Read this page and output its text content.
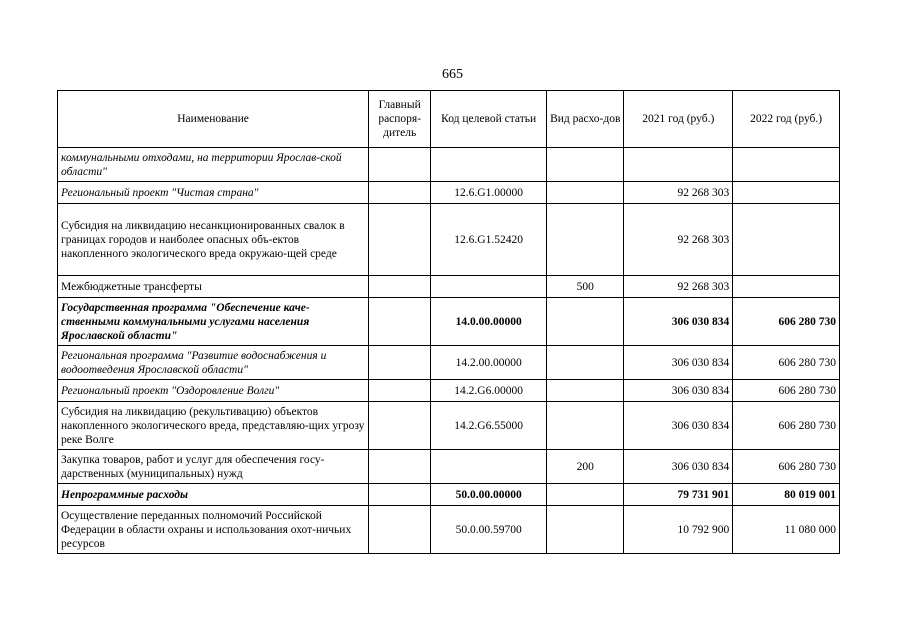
665
Наименование	Главный распоря-дитель	Код целевой статьи	Вид расхо-дов	2021 год (руб.)	2022 год (руб.)
коммунальными отходами, на территории Ярослав-ской области"					
Региональный проект "Чистая страна"		12.6.G1.00000		92 268 303	
Субсидия на ликвидацию несанкционированных свалок в границах городов и наиболее опасных объ-ектов накопленного экологического вреда окружаю-щей среде		12.6.G1.52420		92 268 303	
Межбюджетные трансферты			500	92 268 303	
Государственная программа "Обеспечение каче-ственными коммунальными услугами населения Ярославской области"		14.0.00.00000		306 030 834	606 280 730
Региональная программа "Развитие водоснабжения и водоотведения Ярославской области"		14.2.00.00000		306 030 834	606 280 730
Региональный проект "Оздоровление Волги"		14.2.G6.00000		306 030 834	606 280 730
Субсидия на ликвидацию (рекультивацию) объектов накопленного экологического вреда, представляю-щих угрозу реке Волге		14.2.G6.55000		306 030 834	606 280 730
Закупка товаров, работ и услуг для обеспечения госу-дарственных (муниципальных) нужд			200	306 030 834	606 280 730
Непрограммные расходы		50.0.00.00000		79 731 901	80 019 001
Осуществление переданных полномочий Российской Федерации в области охраны и использования охот-ничьих ресурсов		50.0.00.59700		10 792 900	11 080 000
